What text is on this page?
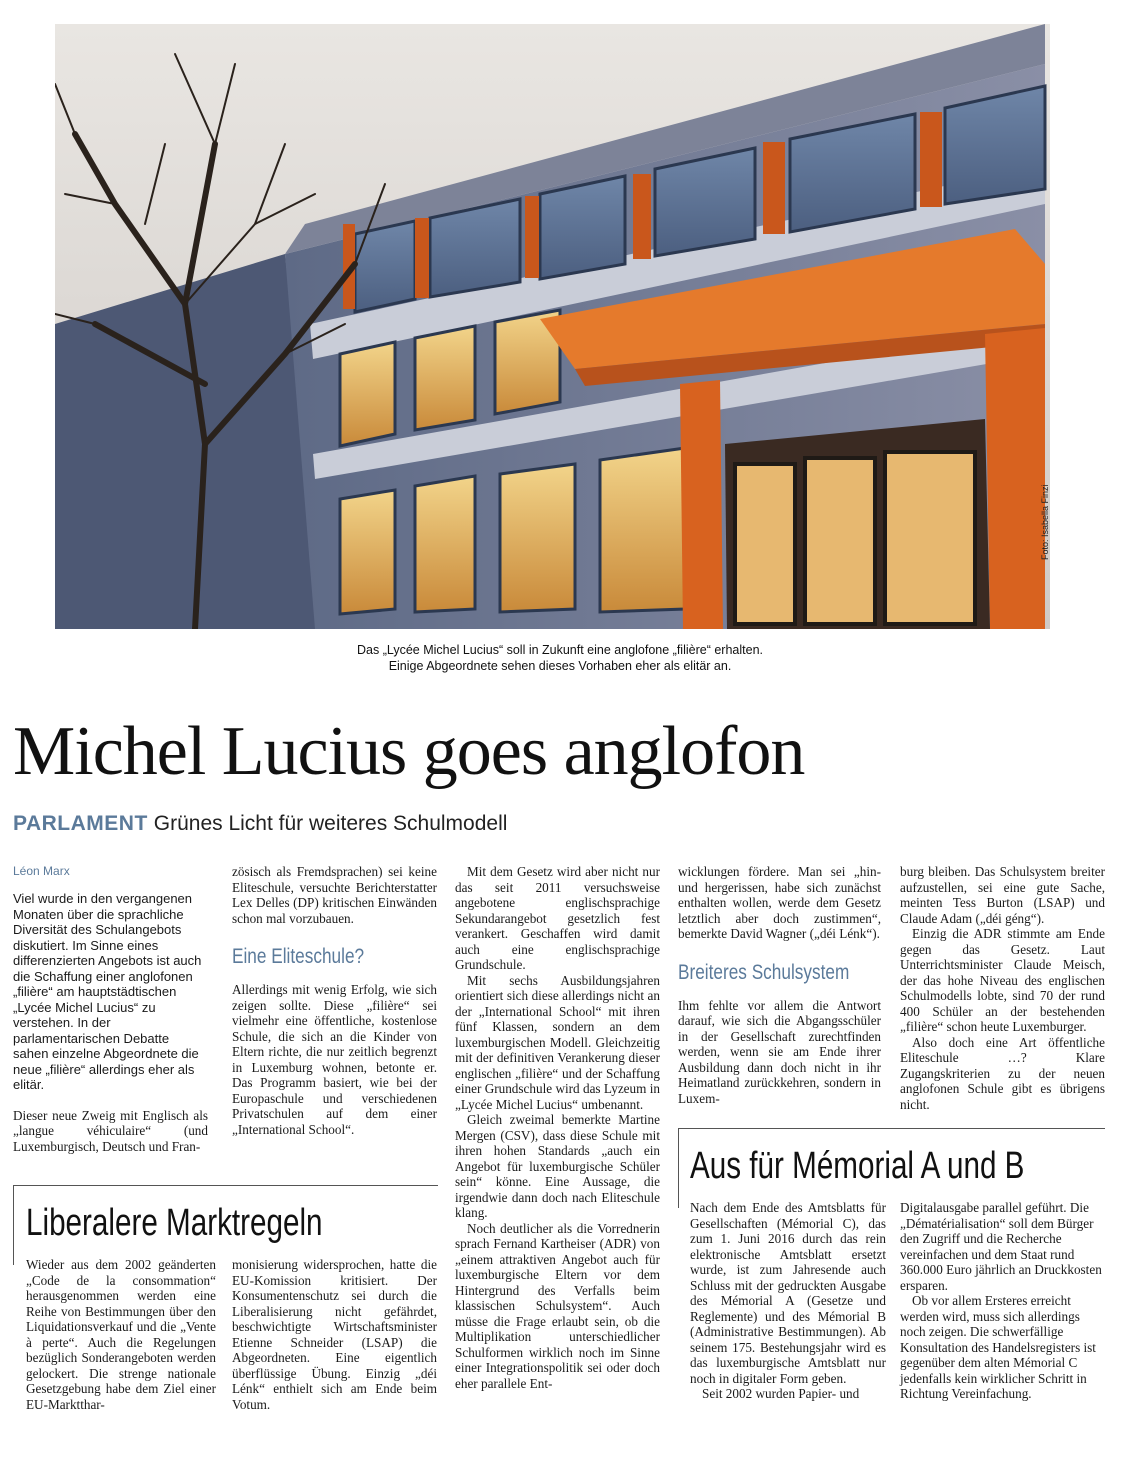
Foto: Isabella Finzi
Das „Lycée Michel Lucius“ soll in Zukunft eine anglofone „filière“ erhalten.
Einige Abgeordnete sehen dieses Vorhaben eher als elitär an.
Michel Lucius goes anglofon
PARLAMENT Grünes Licht für weiteres Schulmodell
Léon Marx

Viel wurde in den vergangenen Monaten über die sprachliche Diversität des Schulangebots diskutiert. Im Sinne eines differenzierten Angebots ist auch die Schaffung einer anglofonen „filière“ am hauptstädtischen „Lycée Michel Lucius“ zu verstehen. In der parlamentarischen Debatte sahen einzelne Abgeordnete die neue „filière“ allerdings eher als elitär.

Dieser neue Zweig mit Englisch als „langue véhiculaire“ (und Luxemburgisch, Deutsch und Fran-

zösisch als Fremdsprachen) sei keine Eliteschule, versuchte Berichterstatter Lex Delles (DP) kritischen Einwänden schon mal vorzubauen.

Eine Eliteschule?

Allerdings mit wenig Erfolg, wie sich zeigen sollte. Diese „filière“ sei vielmehr eine öffentliche, kostenlose Schule, die sich an die Kinder von Eltern richte, die nur zeitlich begrenzt in Luxemburg wohnen, betonte er. Das Programm basiert, wie bei der Europaschule und verschiedenen Privatschulen auf dem einer „International School“.

Mit dem Gesetz wird aber nicht nur das seit 2011 versuchsweise angebotene englischsprachige Sekundarangebot gesetzlich fest verankert. Geschaffen wird damit auch eine englischsprachige Grundschule.

Mit sechs Ausbildungsjahren orientiert sich diese allerdings nicht an der „International School“ mit ihren fünf Klassen, sondern an dem luxemburgischen Modell. Gleichzeitig mit der definitiven Verankerung dieser englischen „filière“ und der Schaffung einer Grundschule wird das Lyzeum in „Lycée Michel Lucius“ umbenannt.

Gleich zweimal bemerkte Martine Mergen (CSV), dass diese Schule mit ihren hohen Standards „auch ein Angebot für luxemburgische Schüler sein“ könne. Eine Aussage, die irgendwie dann doch nach Eliteschule klang.

Noch deutlicher als die Vorrednerin sprach Fernand Kartheiser (ADR) von „einem attraktiven Angebot auch für luxemburgische Eltern vor dem Hintergrund des Verfalls beim klassischen Schulsystem“. Auch müsse die Frage erlaubt sein, ob die Multiplikation unterschiedlicher Schulformen wirklich noch im Sinne einer Integrationspolitik sei oder doch eher parallele Ent-

wicklungen fördere. Man sei „hin- und hergerissen, habe sich zunächst enthalten wollen, werde dem Gesetz letztlich aber doch zustimmen“, bemerkte David Wagner („déi Lénk“).

Breiteres Schulsystem

Ihm fehlte vor allem die Antwort darauf, wie sich die Abgangsschüler in der Gesellschaft zurechtfinden werden, wenn sie am Ende ihrer Ausbildung dann doch nicht in ihr Heimatland zurückkehren, sondern in Luxem-

burg bleiben. Das Schulsystem breiter aufzustellen, sei eine gute Sache, meinten Tess Burton (LSAP) und Claude Adam („déi géng“).

Einzig die ADR stimmte am Ende gegen das Gesetz. Laut Unterrichtsminister Claude Meisch, der das hohe Niveau des englischen Schulmodells lobte, sind 70 der rund 400 Schüler an der bestehenden „filière“ schon heute Luxemburger.

Also doch eine Art öffentliche Eliteschule …? Klare Zugangskriterien zu der neuen anglofonen Schule gibt es übrigens nicht.

Liberalere Marktregeln

Wieder aus dem 2002 geänderten „Code de la consommation“ herausgenommen werden eine Reihe von Bestimmungen über den Liquidationsverkauf und die „Vente à perte“. Auch die Regelungen bezüglich Sonderangeboten werden gelockert. Die strenge nationale Gesetzgebung habe dem Ziel einer EU-Marktthar-

monisierung widersprochen, hatte die EU-Komission kritisiert. Der Konsumentenschutz sei durch die Liberalisierung nicht gefährdet, beschwichtigte Wirtschaftsminister Etienne Schneider (LSAP) die Abgeordneten. Eine eigentlich überflüssige Übung. Einzig „déi Lénk“ enthielt sich am Ende beim Votum.

Aus für Mémorial A und B

Nach dem Ende des Amtsblatts für Gesellschaften (Mémorial C), das zum 1. Juni 2016 durch das rein elektronische Amtsblatt ersetzt wurde, ist zum Jahresende auch Schluss mit der gedruckten Ausgabe des Mémorial A (Gesetze und Reglemente) und des Mémorial B (Administrative Bestimmungen). Ab seinem 175. Bestehungsjahr wird es das luxemburgische Amtsblatt nur noch in digitaler Form geben.

Seit 2002 wurden Papier- und

Digitalausgabe parallel geführt. Die „Dématérialisation“ soll dem Bürger den Zugriff und die Recherche vereinfachen und dem Staat rund 360.000 Euro jährlich an Druckkosten ersparen.

Ob vor allem Ersteres erreicht werden wird, muss sich allerdings noch zeigen. Die schwerfällige Konsultation des Handelsregisters ist gegenüber dem alten Mémorial C jedenfalls kein wirklicher Schritt in Richtung Vereinfachung.
